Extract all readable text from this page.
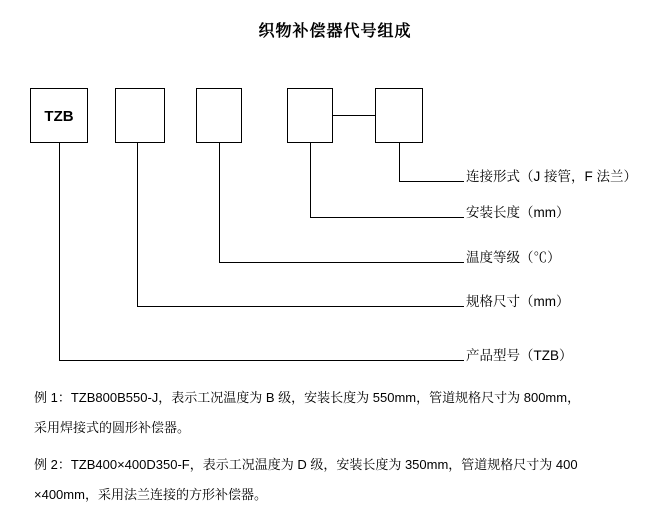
织物补偿器代号组成
TZB
连接形式（J 接管，F 法兰）
安装长度（mm）
温度等级（℃）
规格尺寸（mm）
产品型号（TZB）
例 1：TZB800B550-J，表示工况温度为 B 级，安装长度为 550mm，管道规格尺寸为 800mm，
采用焊接式的圆形补偿器。
例 2：TZB400×400D350-F，表示工况温度为 D 级，安装长度为 350mm，管道规格尺寸为 400
×400mm，采用法兰连接的方形补偿器。
